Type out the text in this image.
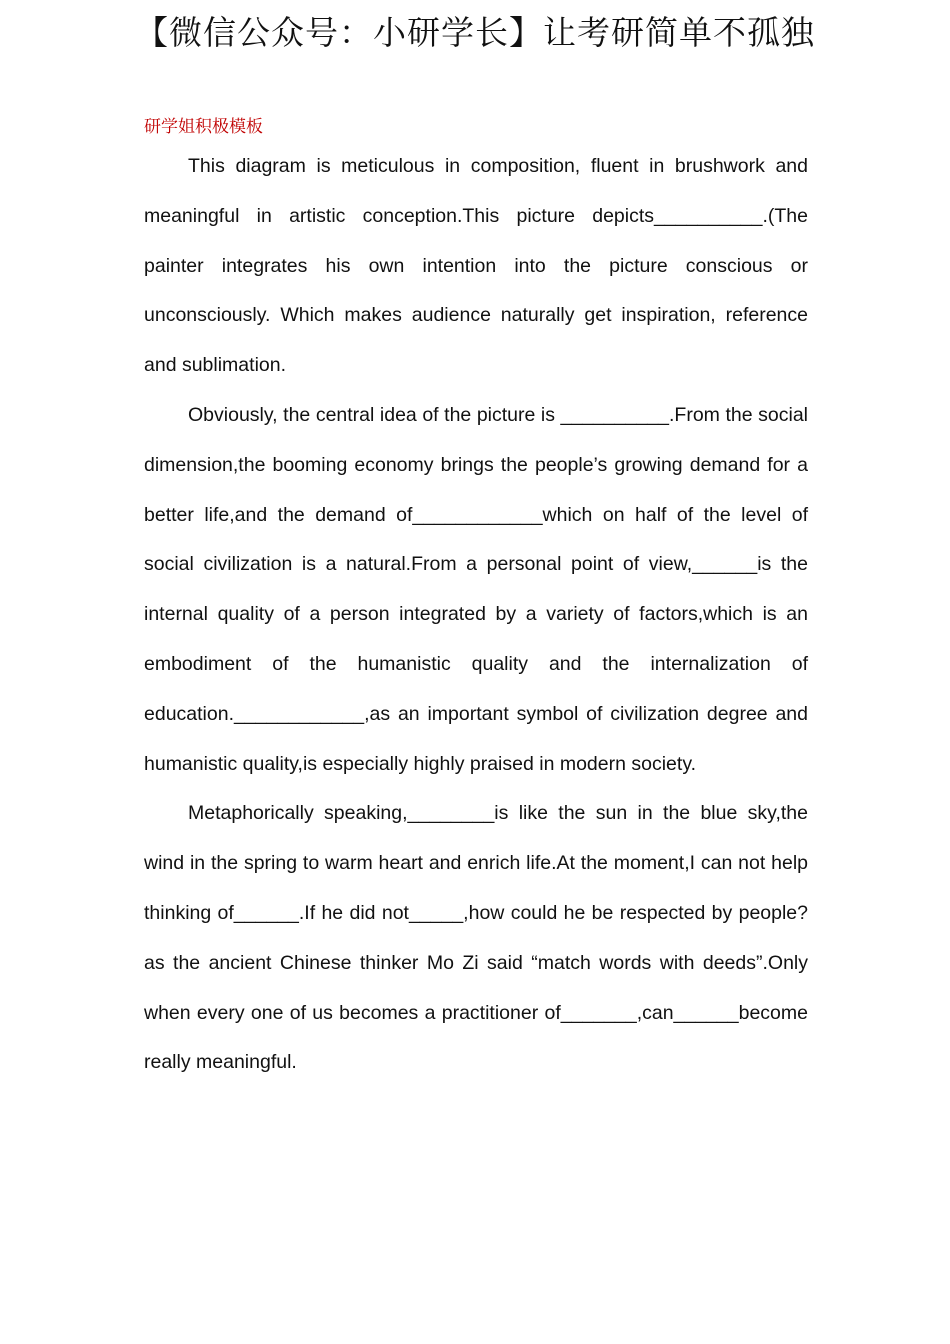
【微信公众号：小研学长】让考研简单不孤独
研学姐积极模板

This diagram is meticulous in composition, fluent in brushwork and meaningful in artistic conception.This picture depicts__________.(The painter integrates his own intention into the picture conscious or unconsciously. Which makes audience naturally get inspiration, reference and sublimation.

Obviously, the central idea of the picture is __________.From the social dimension,the booming economy brings the people’s growing demand for a better life,and the demand of____________which on half of the level of social civilization is a natural.From a personal point of view,______is the internal quality of a person integrated by a variety of factors,which is an embodiment of the humanistic quality and the internalization of education.____________,as an important symbol of civilization degree and humanistic quality,is especially highly praised in modern society.

Metaphorically speaking,________is like the sun in the blue sky,the wind in the spring to warm heart and enrich life.At the moment,I can not help thinking of______.If he did not_____,how could he be respected by people?as the ancient Chinese thinker Mo Zi said “match words with deeds”.Only when every one of us becomes a practitioner of_______,can______become really meaningful.
